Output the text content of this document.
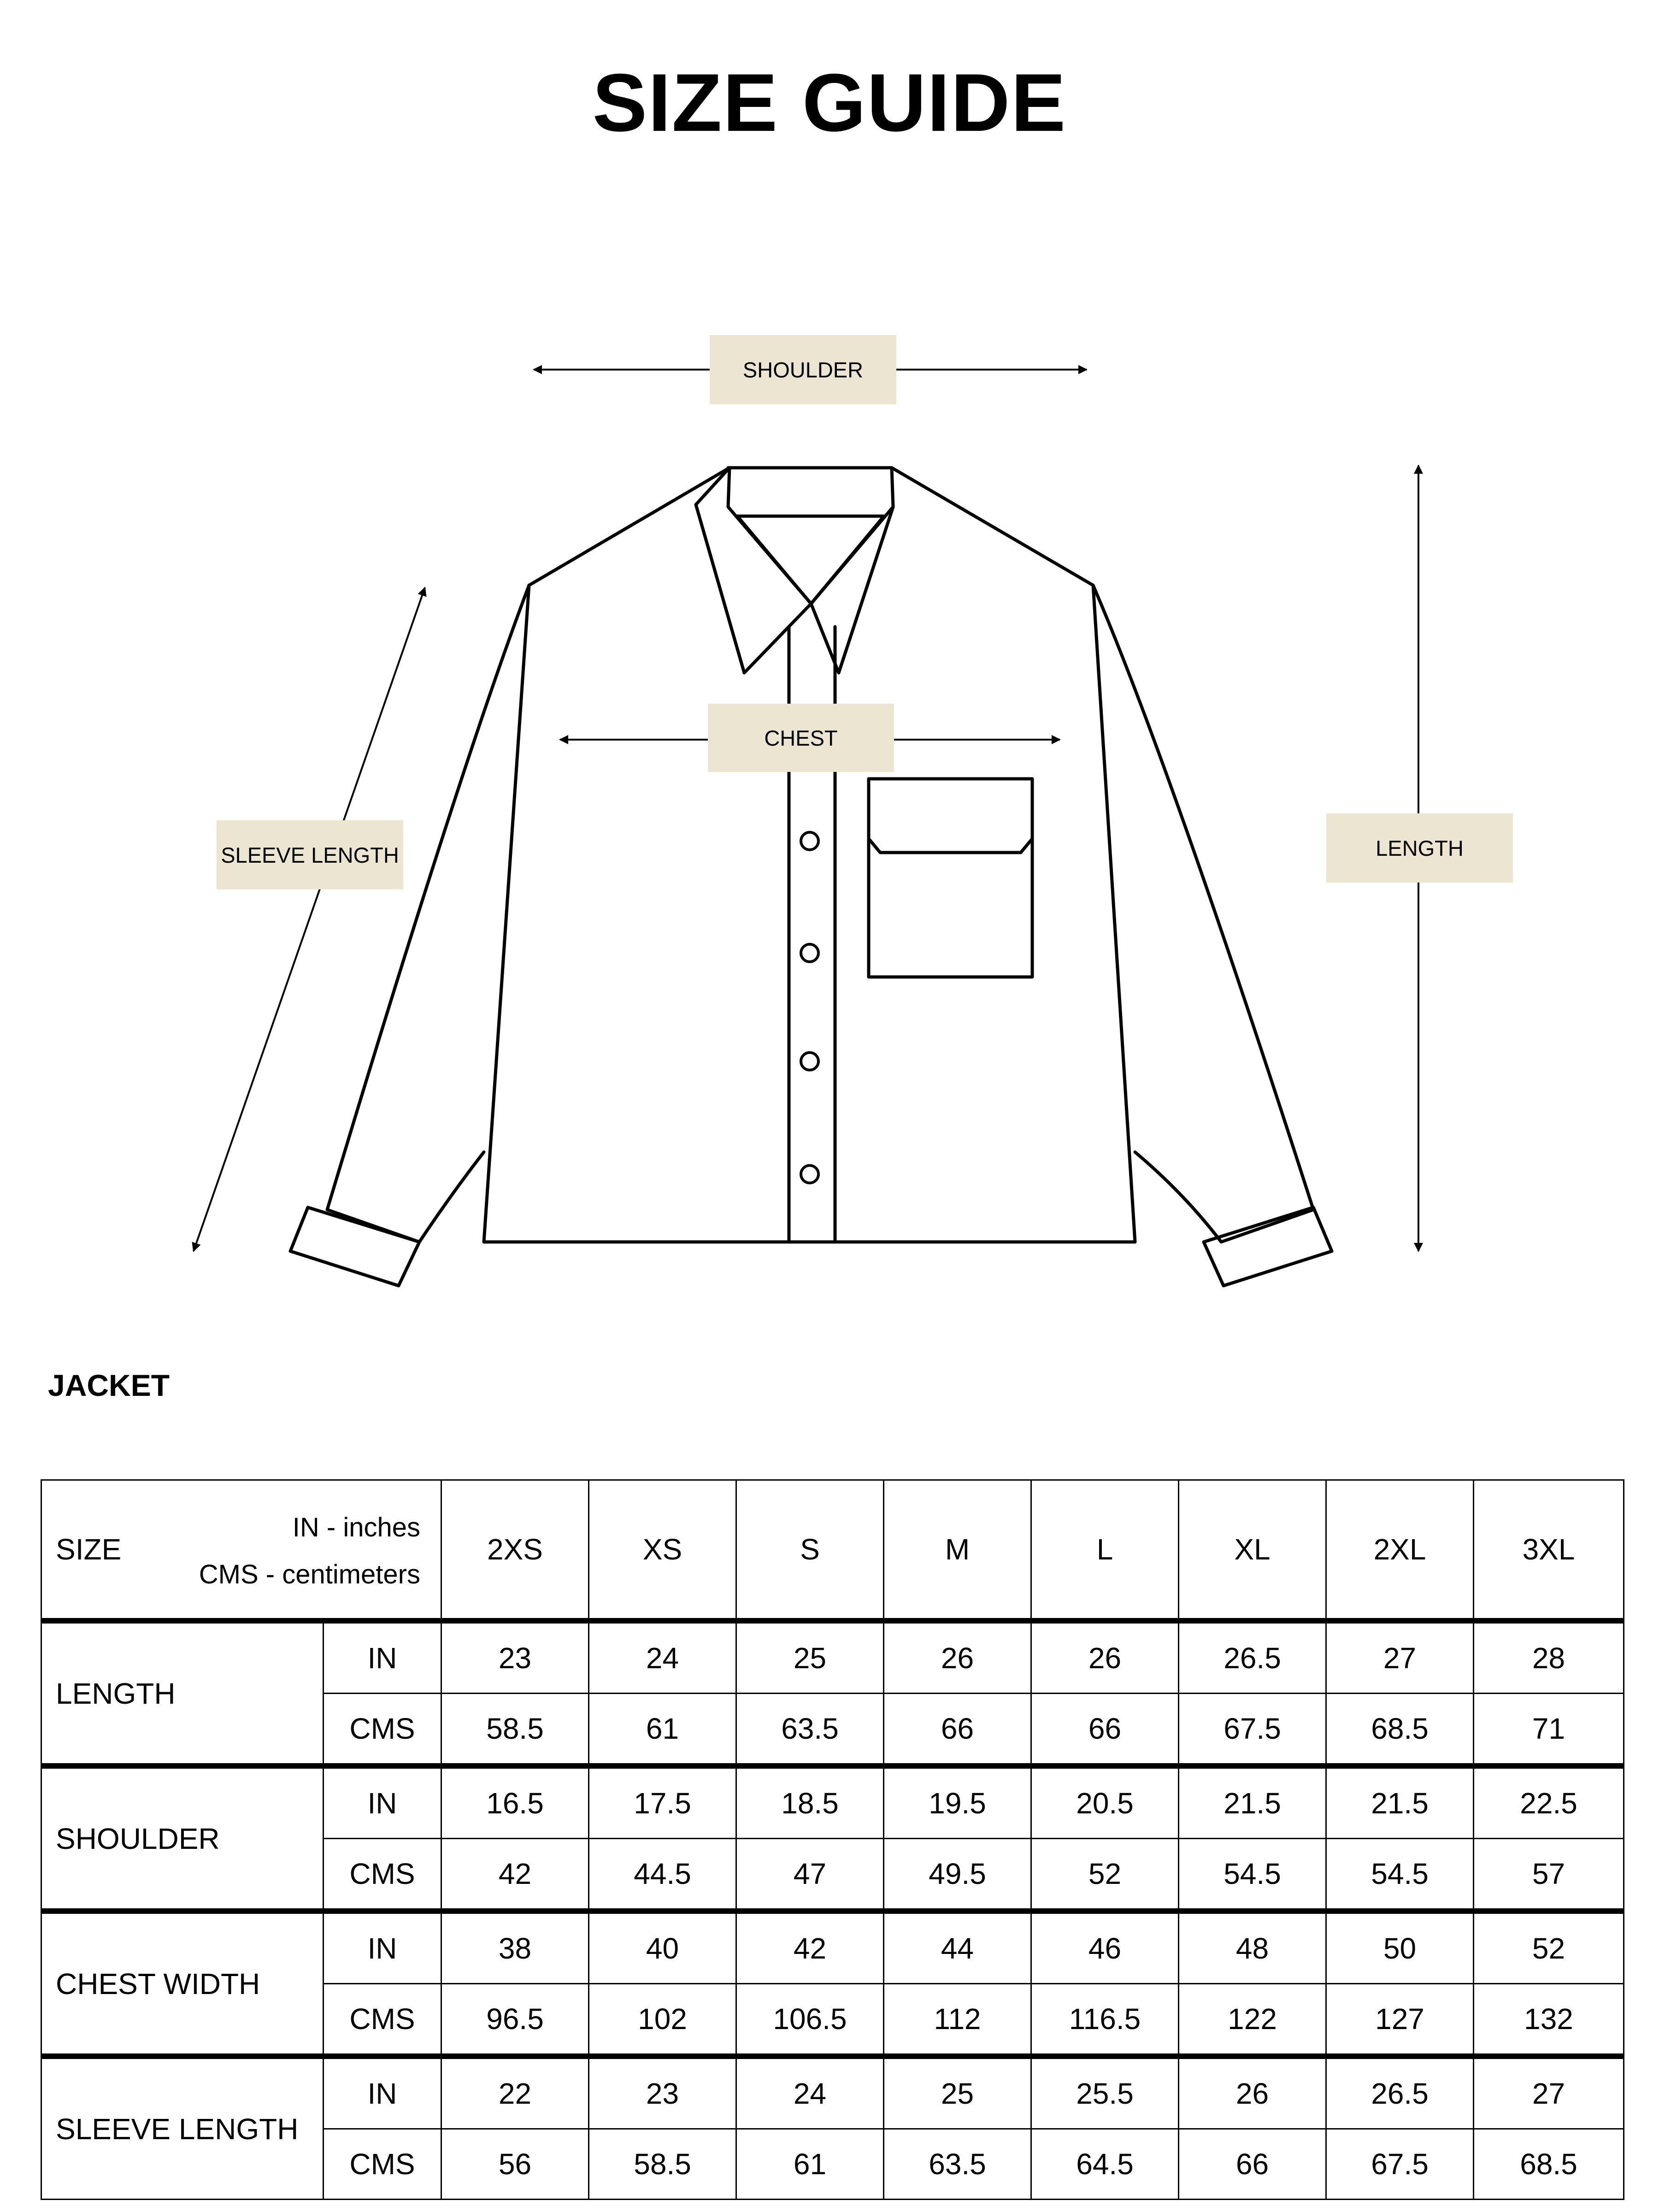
SIZE GUIDE
SHOULDER
CHEST
SLEEVE LENGTH	LENGTH
JACKET
SIZE
IN - inches
CMS - centimeters		2XS	XS	S	M	L	XL	2XL	3XL
LENGTH	IN	23	24	25	26	26	26.5	27	28
	CMS	58.5	61	63.5	66	66	67.5	68.5	71
SHOULDER	IN	16.5	17.5	18.5	19.5	20.5	21.5	21.5	22.5
	CMS	42	44.5	47	49.5	52	54.5	54.5	57
CHEST WIDTH	IN	38	40	42	44	46	48	50	52
	CMS	96.5	102	106.5	112	116.5	122	127	132
SLEEVE LENGTH	IN	22	23	24	25	25.5	26	26.5	27
	CMS	56	58.5	61	63.5	64.5	66	67.5	68.5
